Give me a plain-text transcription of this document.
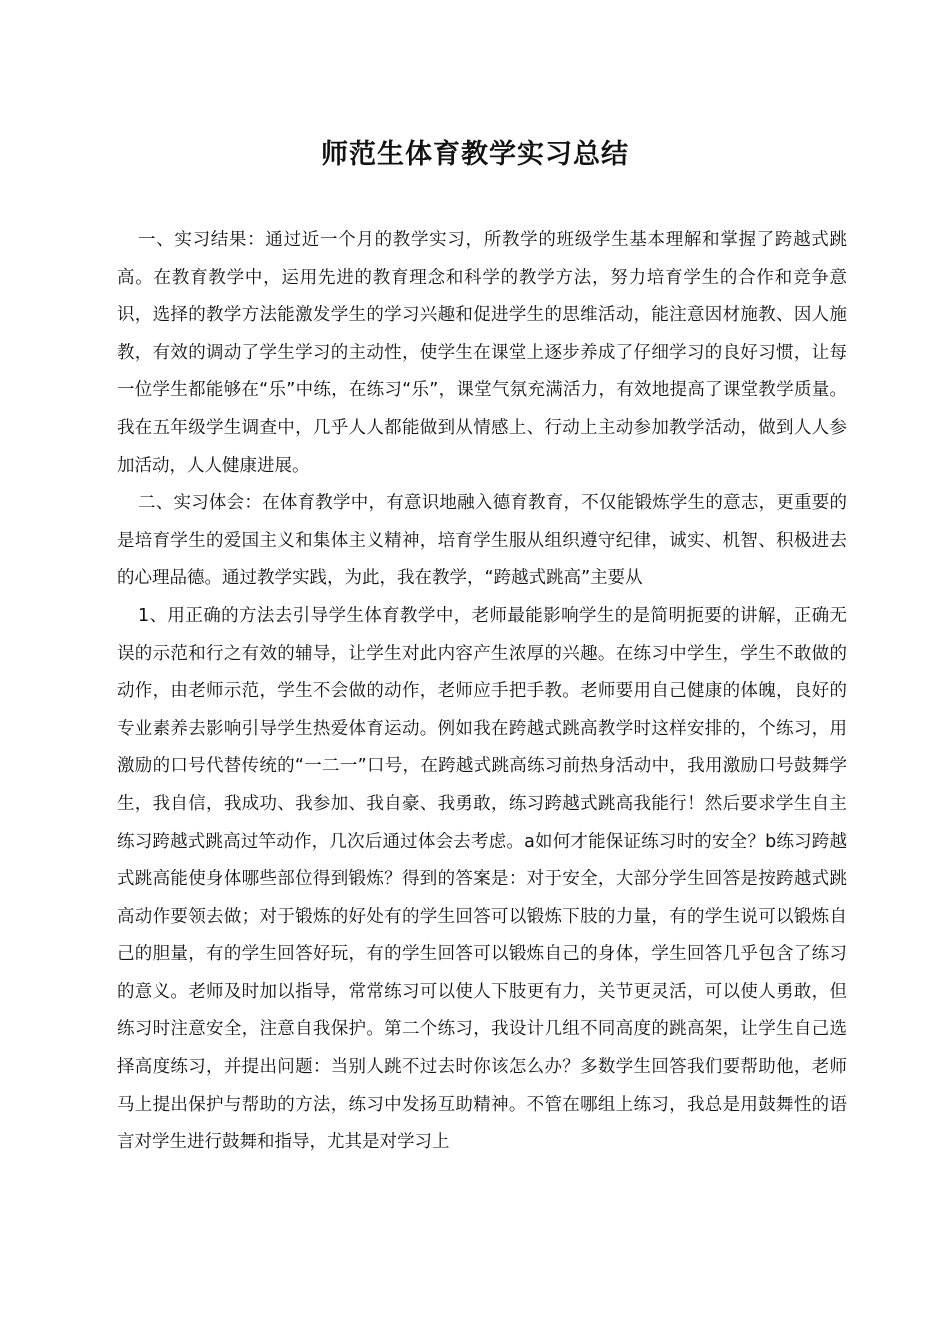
师范生体育教学实习总结

一、实习结果：通过近一个月的教学实习，所教学的班级学生基本理解和掌握了跨越式跳高。在教育教学中，运用先进的教育理念和科学的教学方法，努力培育学生的合作和竞争意识，选择的教学方法能激发学生的学习兴趣和促进学生的思维活动，能注意因材施教、因人施教，有效的调动了学生学习的主动性，使学生在课堂上逐步养成了仔细学习的良好习惯，让每一位学生都能够在“乐”中练，在练习“乐”，课堂气氛充满活力，有效地提高了课堂教学质量。我在五年级学生调查中，几乎人人都能做到从情感上、行动上主动参加教学活动，做到人人参加活动，人人健康进展。

二、实习体会：在体育教学中，有意识地融入德育教育，不仅能锻炼学生的意志，更重要的是培育学生的爱国主义和集体主义精神，培育学生服从组织遵守纪律，诚实、机智、积极进去的心理品德。通过教学实践，为此，我在教学，“跨越式跳高”主要从

1、用正确的方法去引导学生体育教学中，老师最能影响学生的是简明扼要的讲解，正确无误的示范和行之有效的辅导，让学生对此内容产生浓厚的兴趣。在练习中学生，学生不敢做的动作，由老师示范，学生不会做的动作，老师应手把手教。老师要用自己健康的体魄，良好的专业素养去影响引导学生热爱体育运动。例如我在跨越式跳高教学时这样安排的，个练习，用激励的口号代替传统的“一二一”口号，在跨越式跳高练习前热身活动中，我用激励口号鼓舞学生，我自信，我成功、我参加、我自豪、我勇敢，练习跨越式跳高我能行！然后要求学生自主练习跨越式跳高过竿动作，几次后通过体会去考虑。a如何才能保证练习时的安全？b练习跨越式跳高能使身体哪些部位得到锻炼？得到的答案是：对于安全，大部分学生回答是按跨越式跳高动作要领去做；对于锻炼的好处有的学生回答可以锻炼下肢的力量，有的学生说可以锻炼自己的胆量，有的学生回答好玩，有的学生回答可以锻炼自己的身体，学生回答几乎包含了练习的意义。老师及时加以指导，常常练习可以使人下肢更有力，关节更灵活，可以使人勇敢，但练习时注意安全，注意自我保护。第二个练习，我设计几组不同高度的跳高架，让学生自己选择高度练习，并提出问题：当别人跳不过去时你该怎么办？多数学生回答我们要帮助他，老师马上提出保护与帮助的方法，练习中发扬互助精神。不管在哪组上练习，我总是用鼓舞性的语言对学生进行鼓舞和指导，尤其是对学习上
